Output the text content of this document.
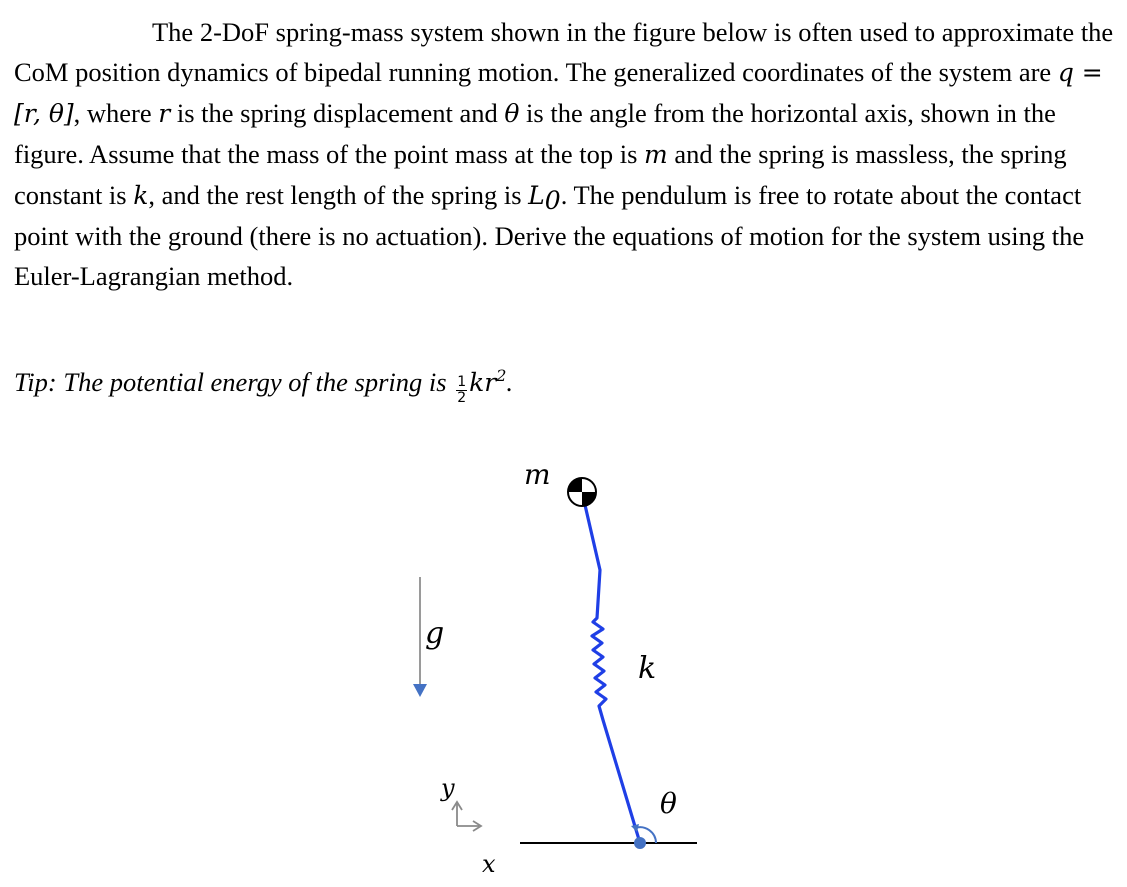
The 2-DoF spring-mass system shown in the figure below is often used to approximate the CoM position dynamics of bipedal running motion. The generalized coordinates of the system are q = [r, θ], where r is the spring displacement and θ is the angle from the horizontal axis, shown in the figure. Assume that the mass of the point mass at the top is m and the spring is massless, the spring constant is k, and the rest length of the spring is $L_0$. The pendulum is free to rotate about the contact point with the ground (there is no actuation). Derive the equations of motion for the system using the Euler-Lagrangian method.

Tip: The potential energy of the spring is $\frac{1}{2} kr^2$.
g
m
k
θ
y
x
